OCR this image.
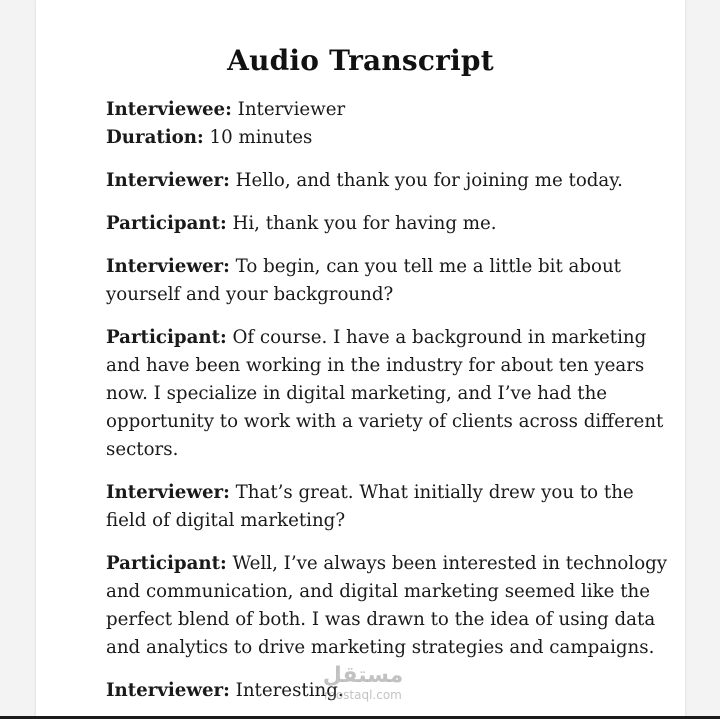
Audio Transcript

Interviewee: Interviewer

Duration: 10 minutes

Interviewer: Hello, and thank you for joining me today.

Participant: Hi, thank you for having me.

Interviewer: To begin, can you tell me a little bit about yourself and your background?

Participant: Of course. I have a background in marketing and have been working in the industry for about ten years now. I specialize in digital marketing, and I’ve had the opportunity to work with a variety of clients across different sectors.

Interviewer: That’s great. What initially drew you to the field of digital marketing?

Participant: Well, I’ve always been interested in technology and communication, and digital marketing seemed like the perfect blend of both. I was drawn to the idea of using data and analytics to drive marketing strategies and campaigns.

Interviewer: Interesting.

مستقل
mostaql.com
